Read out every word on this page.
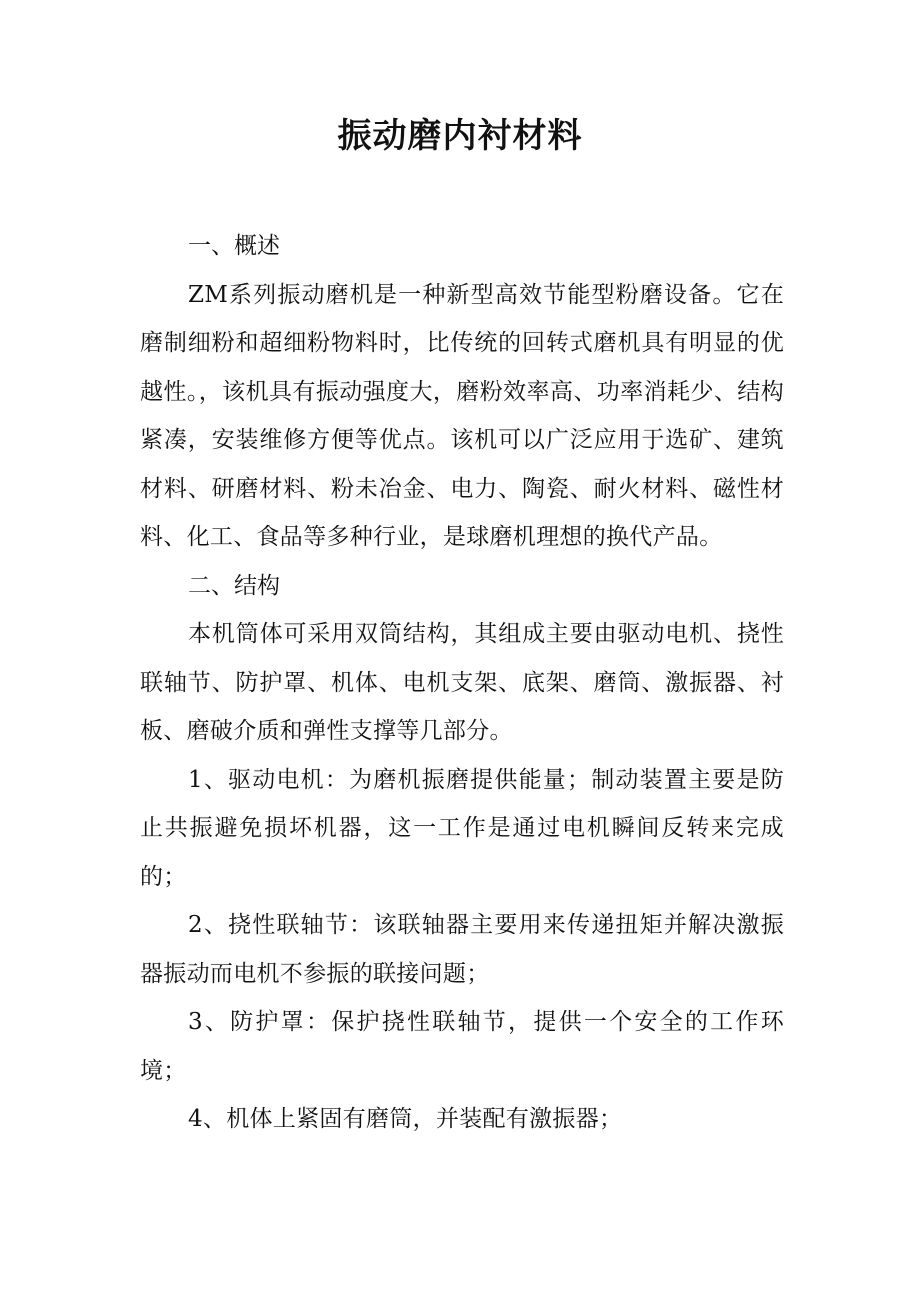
振动磨内衬材料

一、概述

ZM系列振动磨机是一种新型高效节能型粉磨设备。它在磨制细粉和超细粉物料时，比传统的回转式磨机具有明显的优越性。，该机具有振动强度大，磨粉效率高、功率消耗少、结构紧凑，安装维修方便等优点。该机可以广泛应用于选矿、建筑材料、研磨材料、粉未冶金、电力、陶瓷、耐火材料、磁性材料、化工、食品等多种行业，是球磨机理想的换代产品。

二、结构

本机筒体可采用双筒结构，其组成主要由驱动电机、挠性联轴节、防护罩、机体、电机支架、底架、磨筒、激振器、衬板、磨破介质和弹性支撑等几部分。

1、驱动电机：为磨机振磨提供能量；制动装置主要是防止共振避免损坏机器，这一工作是通过电机瞬间反转来完成的；

2、挠性联轴节：该联轴器主要用来传递扭矩并解决激振器振动而电机不参振的联接问题；

3、防护罩：保护挠性联轴节，提供一个安全的工作环境；

4、机体上紧固有磨筒，并装配有激振器；
